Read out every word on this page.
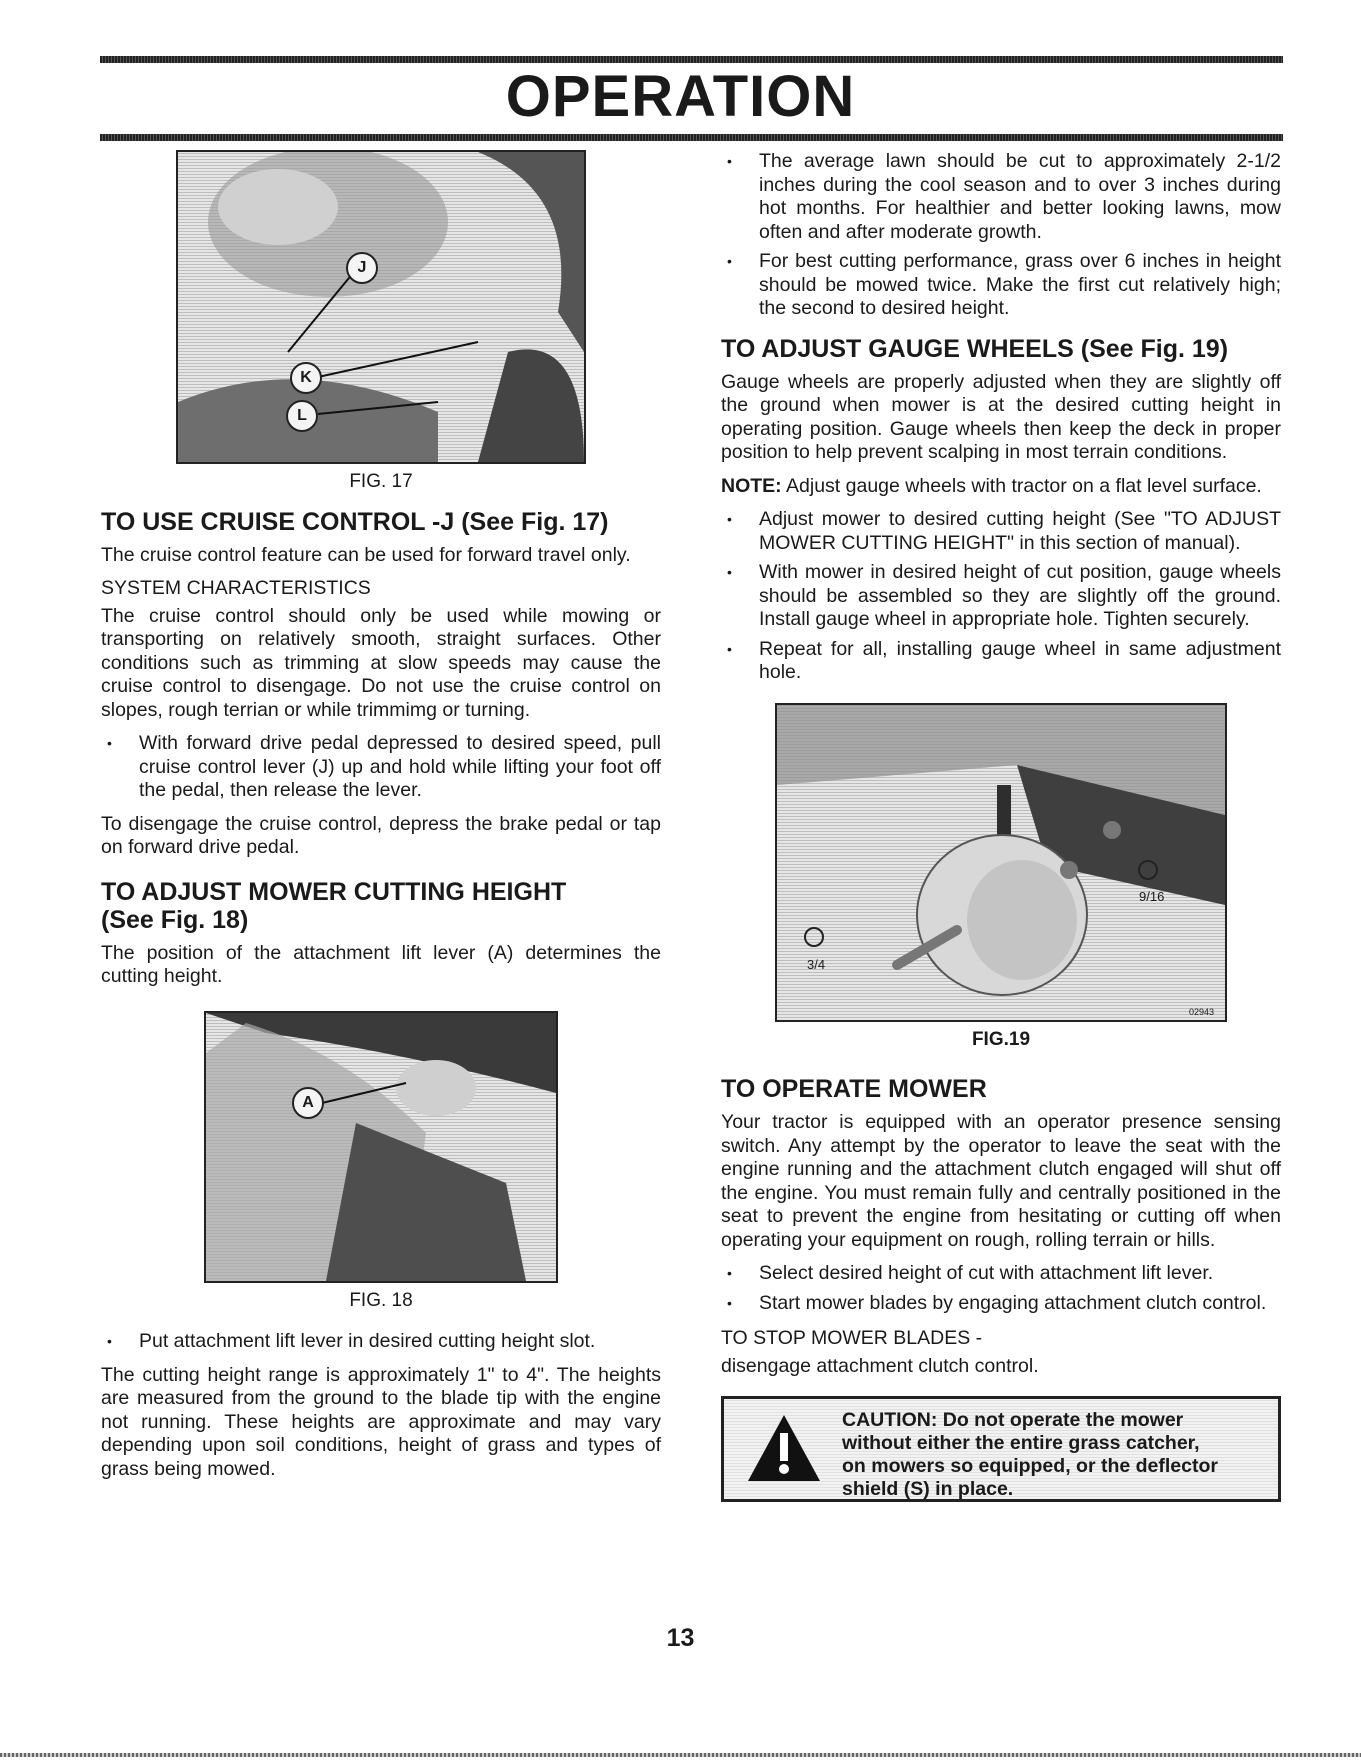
OPERATION
J
K
L
FIG. 17
TO USE CRUISE CONTROL -J (See Fig. 17)

The cruise control feature can be used for forward travel only.

SYSTEM CHARACTERISTICS

The cruise control should only be used while mowing or transporting on relatively smooth, straight surfaces. Other conditions such as trimming at slow speeds may cause the cruise control to disengage. Do not use the cruise control on slopes, rough terrian or while trimmimg or turning.

• With forward drive pedal depressed to desired speed, pull cruise control lever (J) up and hold while lifting your foot off the pedal, then release the lever.

To disengage the cruise control, depress the brake pedal or tap on forward drive pedal.

TO ADJUST MOWER CUTTING HEIGHT
(See Fig. 18)

The position of the attachment lift lever (A) determines the cutting height.

A
FIG. 18
• Put attachment lift lever in desired cutting height slot.

The cutting height range is approximately 1" to 4". The heights are measured from the ground to the blade tip with the engine not running. These heights are approximate and may vary depending upon soil conditions, height of grass and types of grass being mowed.

• The average lawn should be cut to approximately 2-1/2 inches during the cool season and to over 3 inches during hot months. For healthier and better looking lawns, mow often and after moderate growth.
• For best cutting performance, grass over 6 inches in height should be mowed twice. Make the first cut relatively high; the second to desired height.
TO ADJUST GAUGE WHEELS (See Fig. 19)

Gauge wheels are properly adjusted when they are slightly off the ground when mower is at the desired cutting height in operating position. Gauge wheels then keep the deck in proper position to help prevent scalping in most terrain conditions.

NOTE: Adjust gauge wheels with tractor on a flat level surface.

• Adjust mower to desired cutting height (See "TO ADJUST MOWER CUTTING HEIGHT" in this section of manual).
• With mower in desired height of cut position, gauge wheels should be assembled so they are slightly off the ground. Install gauge wheel in appropriate hole. Tighten securely.
• Repeat for all, installing gauge wheel in same adjustment hole.
9/16
3/4
02943
FIG.19
TO OPERATE MOWER

Your tractor is equipped with an operator presence sensing switch. Any attempt by the operator to leave the seat with the engine running and the attachment clutch engaged will shut off the engine. You must remain fully and centrally positioned in the seat to prevent the engine from hesitating or cutting off when operating your equipment on rough, rolling terrain or hills.

• Select desired height of cut with attachment lift lever.
• Start mower blades by engaging attachment clutch control.

TO STOP MOWER BLADES -

disengage attachment clutch control.

CAUTION: Do not operate the mower without either the entire grass catcher, on mowers so equipped, or the deflector shield (S) in place.
13
